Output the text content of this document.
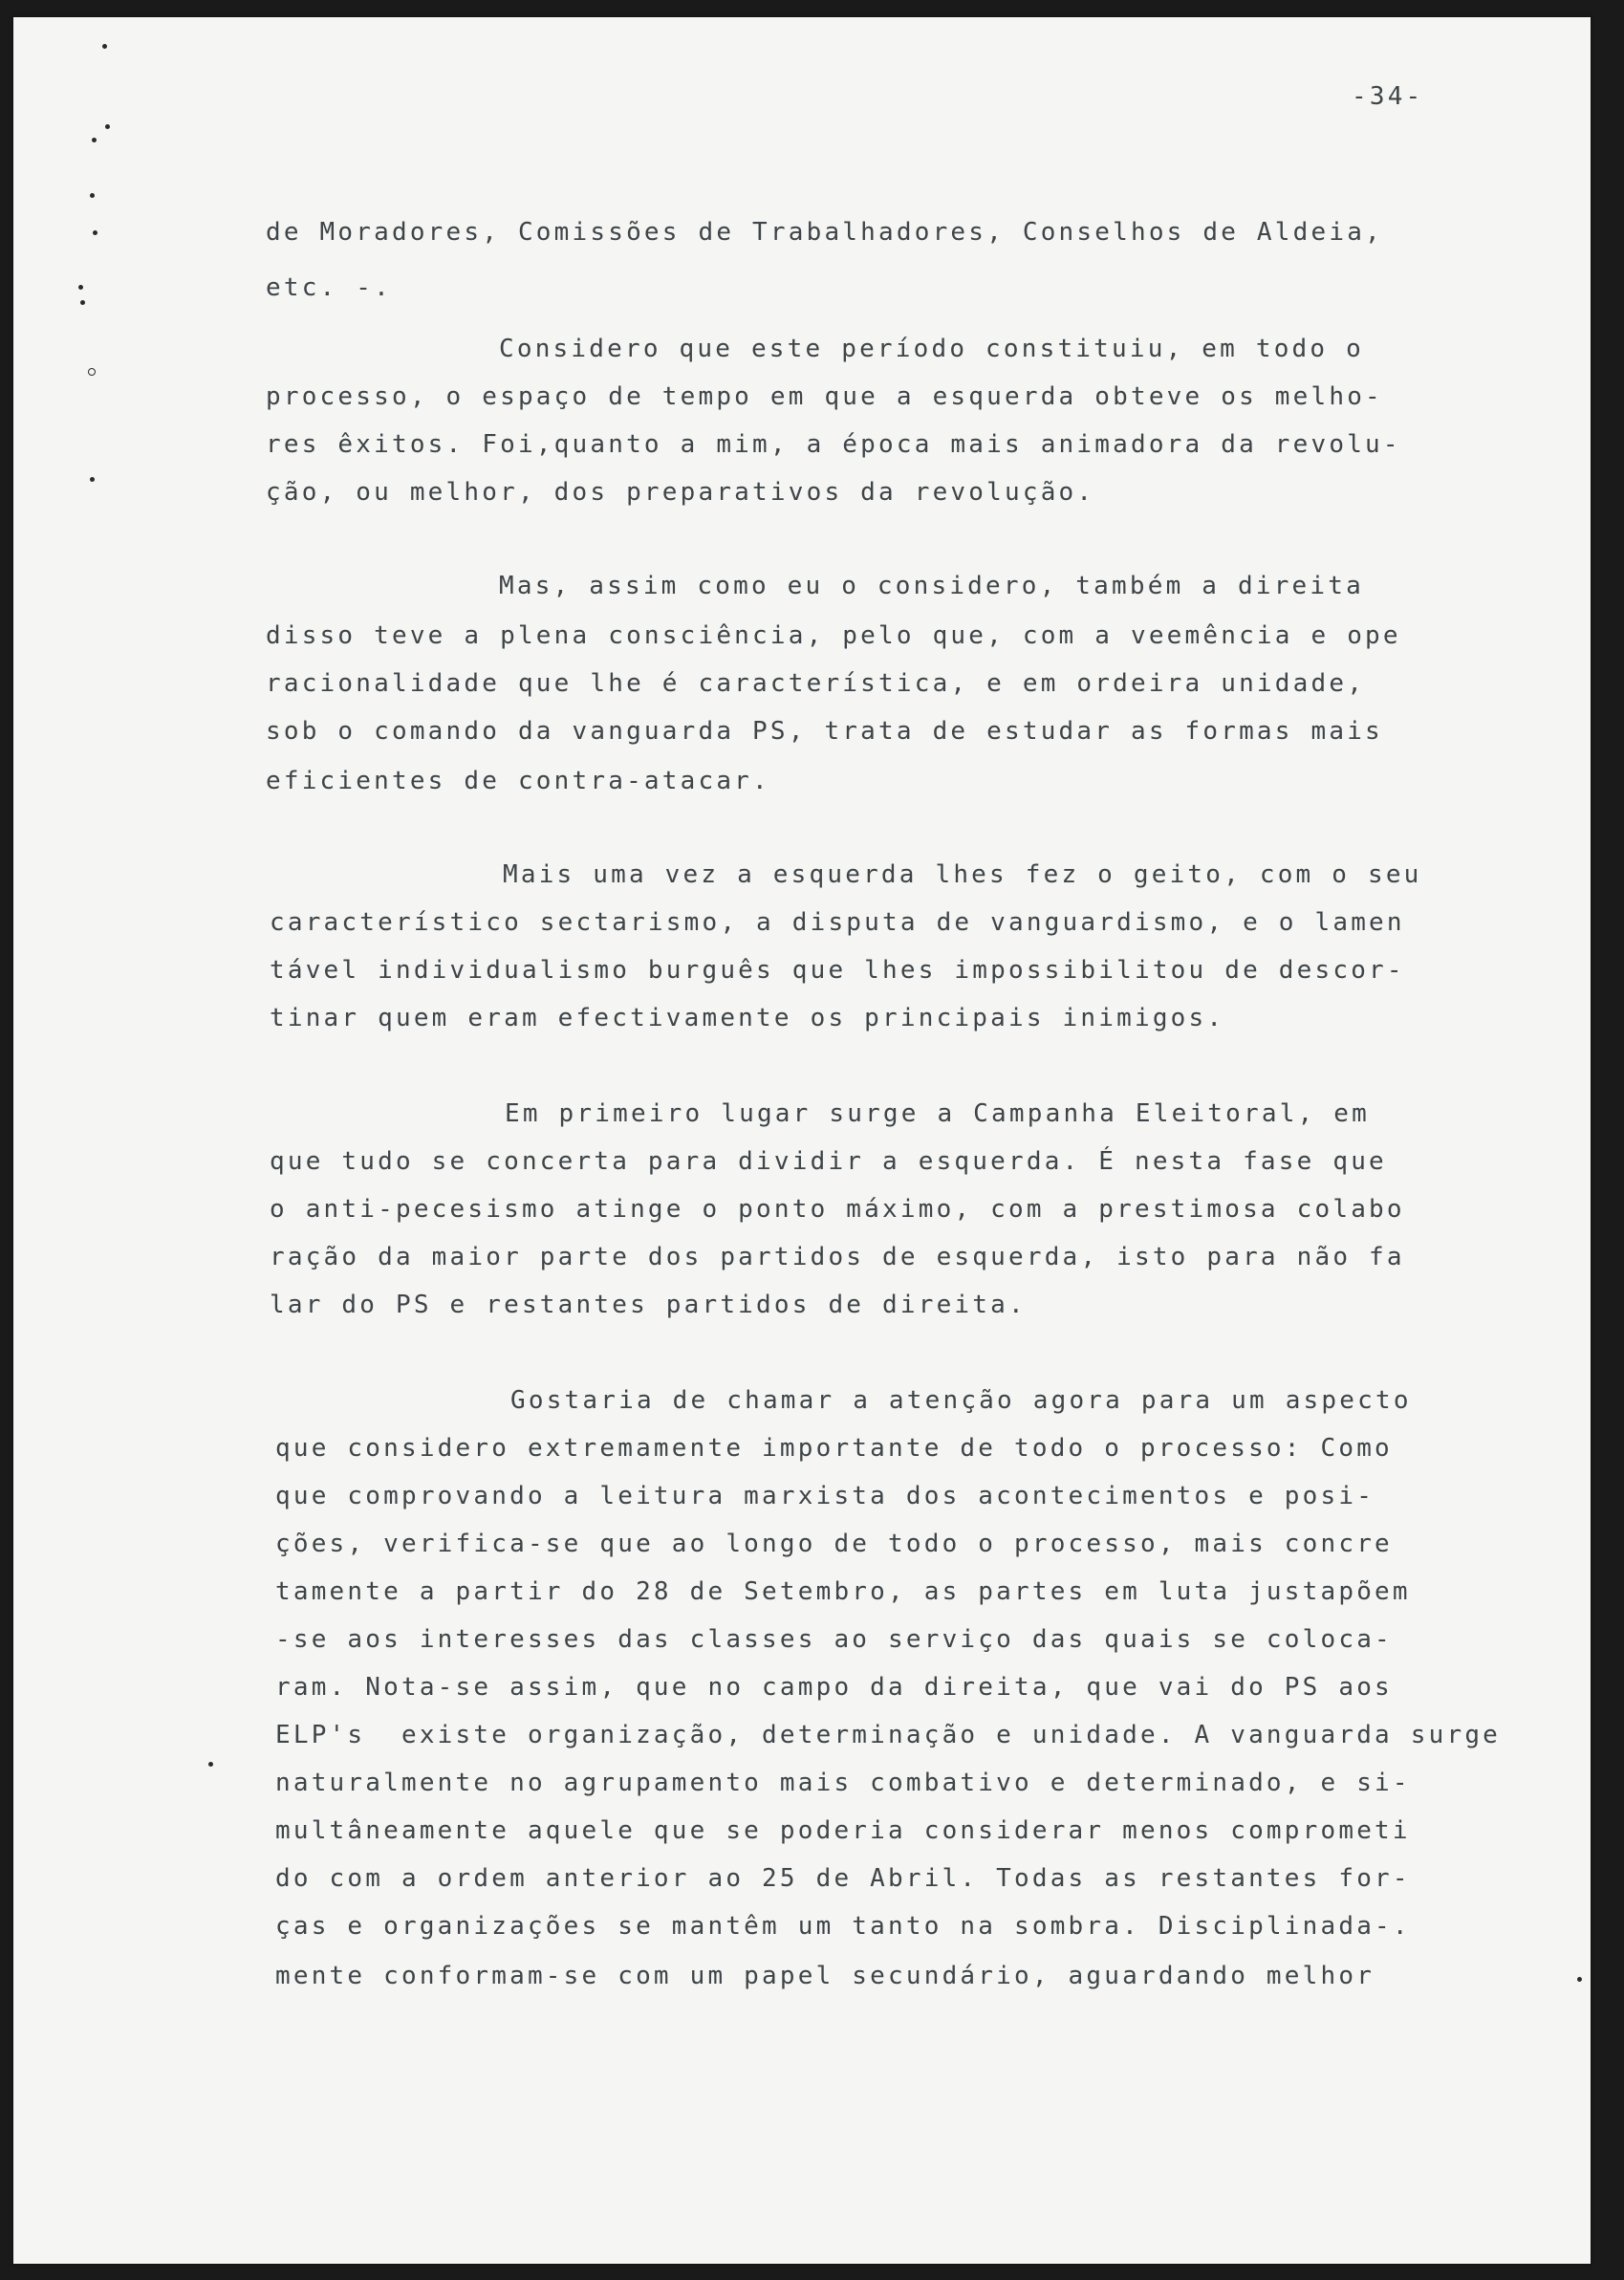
-34-
de Moradores, Comissões de Trabalhadores, Conselhos de Aldeia,
etc. -.
Considero que este período constituiu, em todo o
processo, o espaço de tempo em que a esquerda obteve os melho-
res êxitos. Foi,quanto a mim, a época mais animadora da revolu-
ção, ou melhor, dos preparativos da revolução.
Mas, assim como eu o considero, também a direita
disso teve a plena consciência, pelo que, com a veemência e ope
racionalidade que lhe é característica, e em ordeira unidade,
sob o comando da vanguarda PS, trata de estudar as formas mais
eficientes de contra-atacar.
Mais uma vez a esquerda lhes fez o geito, com o seu
característico sectarismo, a disputa de vanguardismo, e o lamen
tável individualismo burguês que lhes impossibilitou de descor-
tinar quem eram efectivamente os principais inimigos.
Em primeiro lugar surge a Campanha Eleitoral, em
que tudo se concerta para dividir a esquerda. É nesta fase que
o anti-pecesismo atinge o ponto máximo, com a prestimosa colabo
ração da maior parte dos partidos de esquerda, isto para não fa
lar do PS e restantes partidos de direita.
Gostaria de chamar a atenção agora para um aspecto
que considero extremamente importante de todo o processo: Como
que comprovando a leitura marxista dos acontecimentos e posi-
ções, verifica-se que ao longo de todo o processo, mais concre
tamente a partir do 28 de Setembro, as partes em luta justapõem
-se aos interesses das classes ao serviço das quais se coloca-
ram. Nota-se assim, que no campo da direita, que vai do PS aos
ELP's  existe organização, determinação e unidade. A vanguarda surge
naturalmente no agrupamento mais combativo e determinado, e si-
multâneamente aquele que se poderia considerar menos comprometi
do com a ordem anterior ao 25 de Abril. Todas as restantes for-
ças e organizações se mantêm um tanto na sombra. Disciplinada-.
mente conformam-se com um papel secundário, aguardando melhor
